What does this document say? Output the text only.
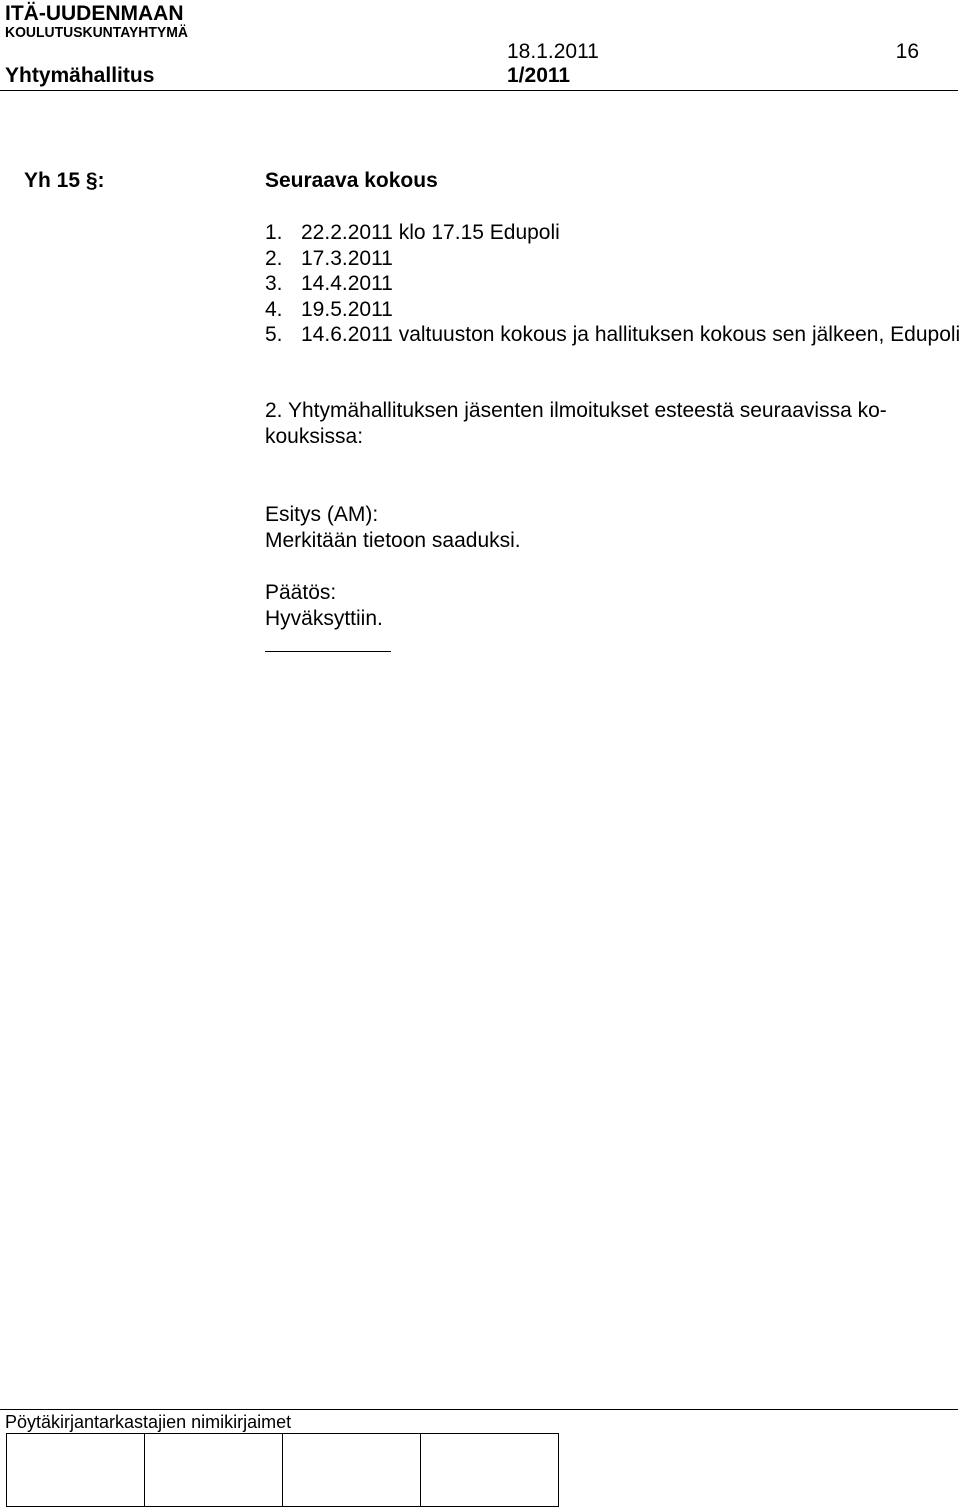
ITÄ-UUDENMAAN
KOULUTUSKUNTAYHTYMÄ
18.1.2011	16
Yhtymähallitus	1/2011
Yh 15 §:	Seuraava kokous
1. 22.2.2011 klo 17.15 Edupoli
2. 17.3.2011
3. 14.4.2011
4. 19.5.2011
5. 14.6.2011 valtuuston kokous ja hallituksen kokous sen jälkeen, Edupoli
2. Yhtymähallituksen jäsenten ilmoitukset esteestä seuraavissa ko-kouksissa:
Esitys (AM):
Merkitään tietoon saaduksi.
Päätös:
Hyväksyttiin.
Pöytäkirjantarkastajien nimikirjaimet
